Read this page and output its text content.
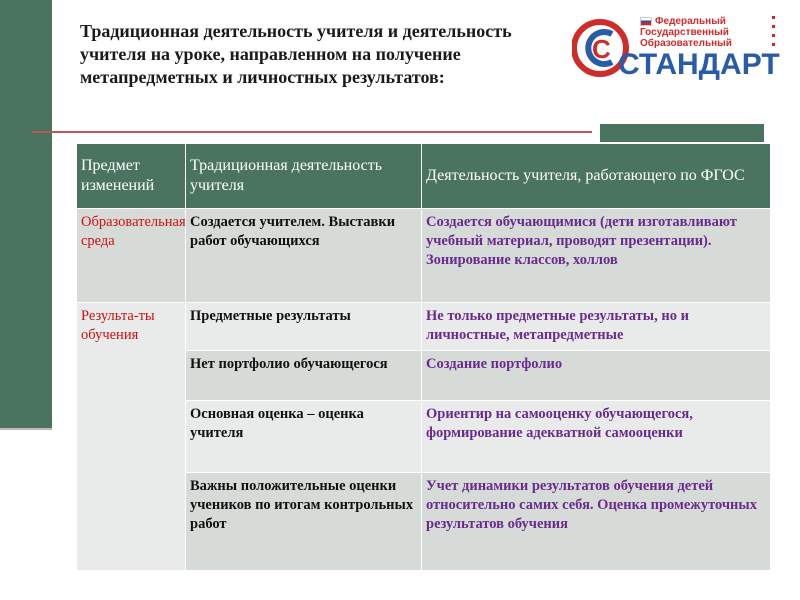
Традиционная деятельность учителя и деятельность учителя на уроке, направленном на получение метапредметных и личностных результатов:
С
Федеральный
Государственный
Образовательный
СТАНДАРТ
Предмет изменений	Традиционная деятельность учителя	Деятельность учителя, работающего по ФГОС
Образовательная среда	Создается учителем. Выставки работ обучающихся	Создается обучающимися (дети изготавливают учебный материал, проводят презентации). Зонирование классов, холлов
Результа-ты обучения	Предметные результаты	Не только предметные результаты, но и личностные, метапредметные
	Нет портфолио обучающегося	Создание портфолио
	Основная оценка – оценка учителя	Ориентир на самооценку обучающегося, формирование адекватной самооценки
	Важны положительные оценки учеников по итогам контрольных работ	Учет динамики результатов обучения детей относительно самих себя. Оценка промежуточных результатов обучения
